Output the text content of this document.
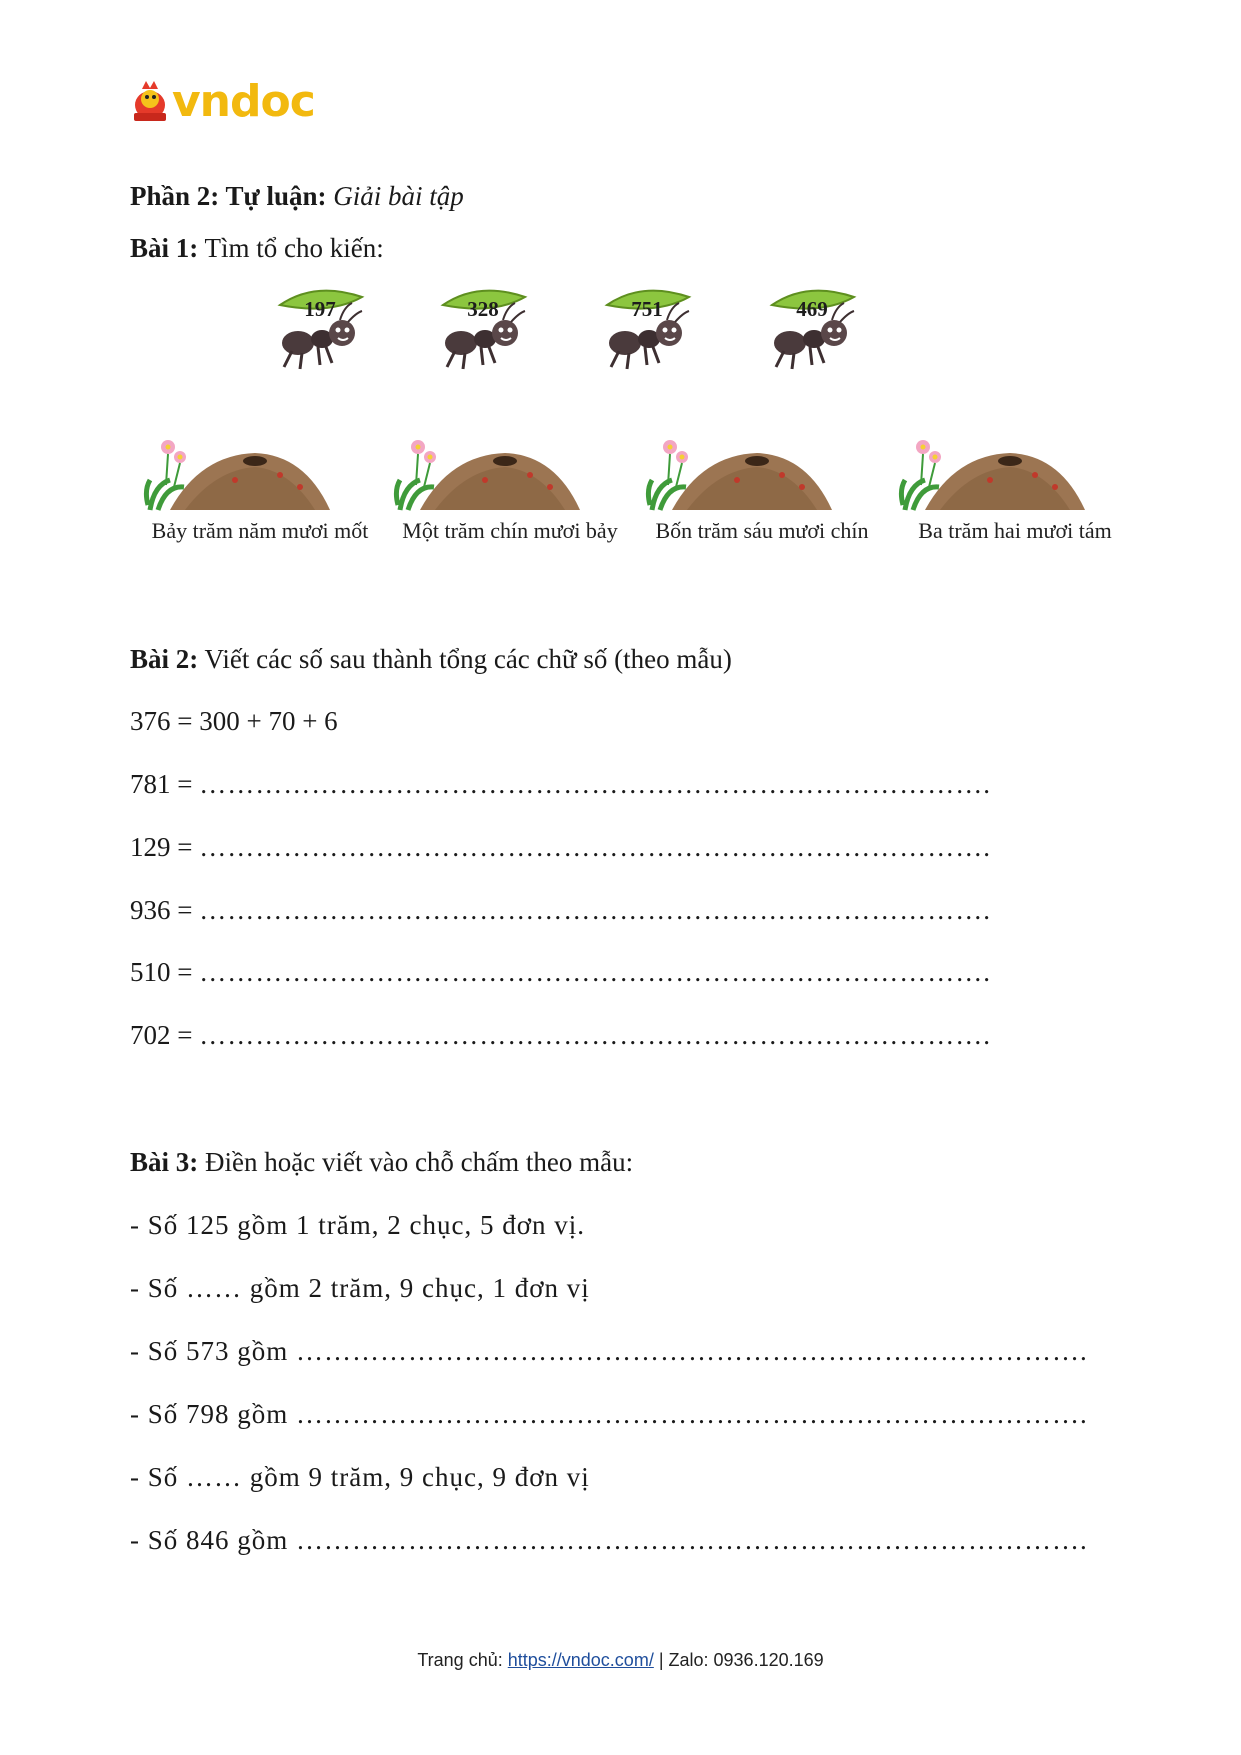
vndoc
Phần 2: Tự luận: Giải bài tập
Bài 1: Tìm tổ cho kiến:
197	328	751	469
Bảy trăm năm mươi mốt	Một trăm chín mươi bảy	Bốn trăm sáu mươi chín	Ba trăm hai mươi tám
Bài 2: Viết các số sau thành tổng các chữ số (theo mẫu)
376 = 300 + 70 + 6
781 = ………………………………………………………………………….
129 = ………………………………………………………………………….
936 = ………………………………………………………………………….
510 = ………………………………………………………………………….
702 = ………………………………………………………………………….
Bài 3: Điền hoặc viết vào chỗ chấm theo mẫu:
- Số 125 gồm 1 trăm, 2 chục, 5 đơn vị.
- Số …… gồm 2 trăm, 9 chục, 1 đơn vị
- Số 573 gồm ………………………………………………………………………….
- Số 798 gồm ………………………………………………………………………….
- Số …… gồm 9 trăm, 9 chục, 9 đơn vị
- Số 846 gồm ………………………………………………………………………….
Trang chủ: https://vndoc.com/ | Zalo: 0936.120.169
